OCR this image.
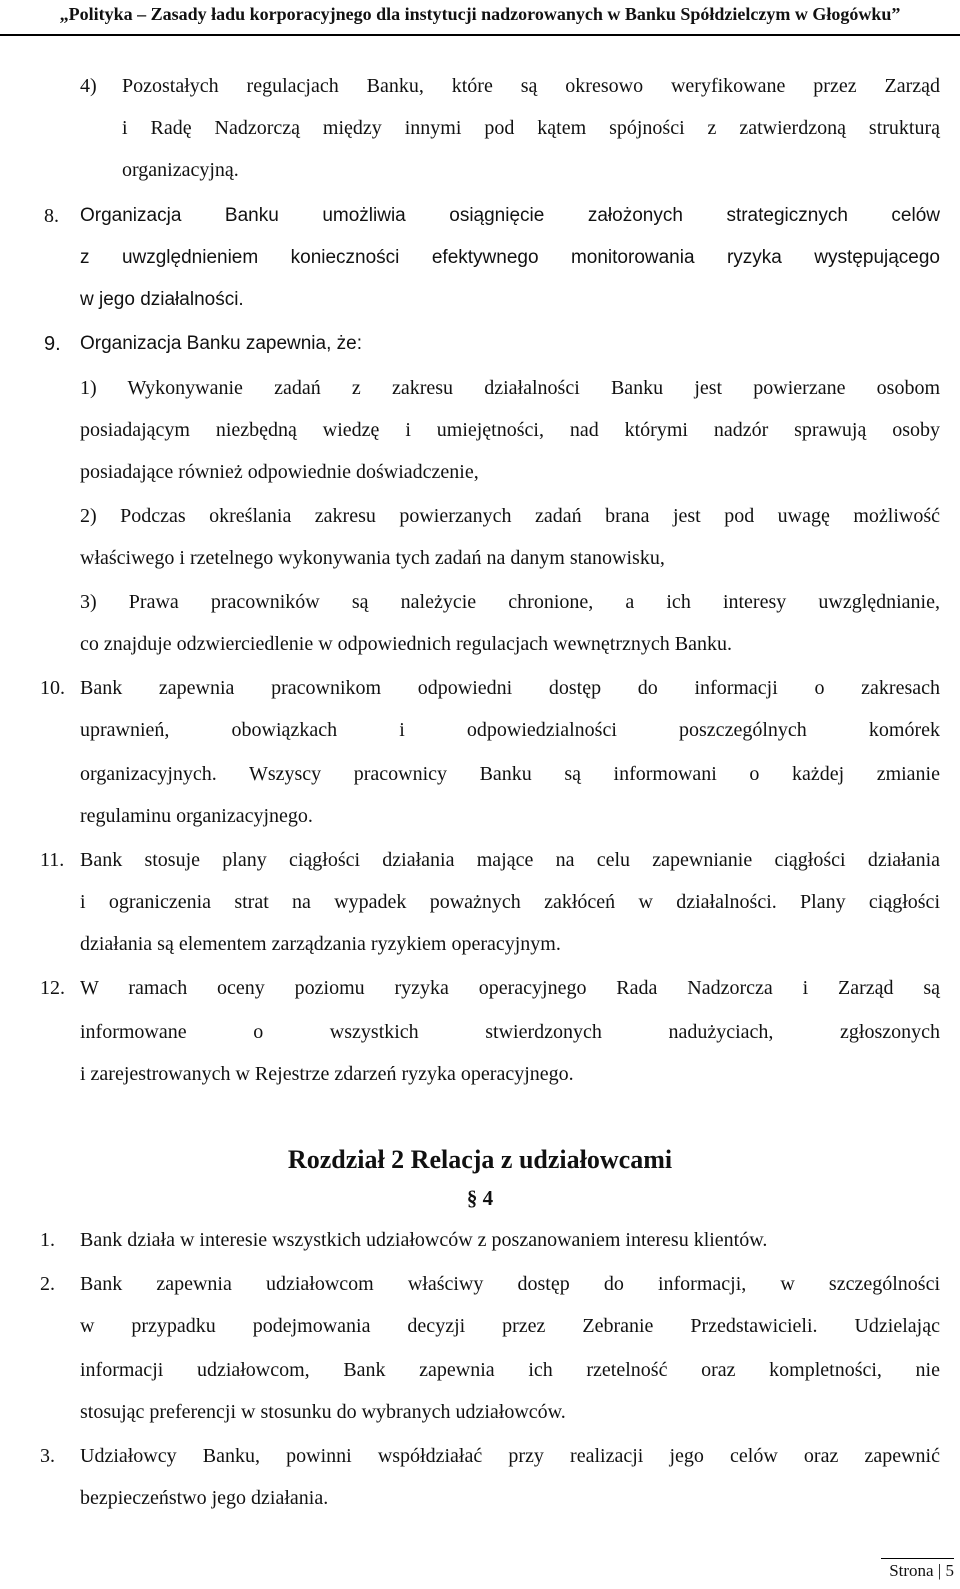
„Polityka – Zasady ładu korporacyjnego dla instytucji nadzorowanych w Banku Spółdzielczym w Głogówku”
4) Pozostałych regulacjach Banku, które są okresowo weryfikowane przez Zarząd
i Radę Nadzorczą między innymi pod kątem spójności z zatwierdzoną strukturą
organizacyjną.
8. Organizacja Banku umożliwia osiągnięcie założonych strategicznych celów
z uwzględnieniem konieczności efektywnego monitorowania ryzyka występującego
w jego działalności.
9. Organizacja Banku zapewnia, że:
1) Wykonywanie zadań z zakresu działalności Banku jest powierzane osobom
posiadającym niezbędną wiedzę i umiejętności, nad którymi nadzór sprawują osoby
posiadające również odpowiednie doświadczenie,
2) Podczas określania zakresu powierzanych zadań brana jest pod uwagę możliwość
właściwego i rzetelnego wykonywania tych zadań na danym stanowisku,
3) Prawa pracowników są należycie chronione, a ich interesy uwzględnianie,
co znajduje odzwierciedlenie w odpowiednich regulacjach wewnętrznych Banku.
10. Bank zapewnia pracownikom odpowiedni dostęp do informacji o zakresach
uprawnień, obowiązkach i odpowiedzialności poszczególnych komórek
organizacyjnych. Wszyscy pracownicy Banku są informowani o każdej zmianie
regulaminu organizacyjnego.
11. Bank stosuje plany ciągłości działania mające na celu zapewnianie ciągłości działania
i ograniczenia strat na wypadek poważnych zakłóceń w działalności. Plany ciągłości
działania są elementem zarządzania ryzykiem operacyjnym.
12. W ramach oceny poziomu ryzyka operacyjnego Rada Nadzorcza i Zarząd są
informowane o wszystkich stwierdzonych nadużyciach, zgłoszonych
i zarejestrowanych w Rejestrze zdarzeń ryzyka operacyjnego.
Rozdział 2 Relacja z udziałowcami
§ 4
1. Bank działa w interesie wszystkich udziałowców z poszanowaniem interesu klientów.
2. Bank zapewnia udziałowcom właściwy dostęp do informacji, w szczególności
w przypadku podejmowania decyzji przez Zebranie Przedstawicieli. Udzielając
informacji udziałowcom, Bank zapewnia ich rzetelność oraz kompletności, nie
stosując preferencji w stosunku do wybranych udziałowców.
3. Udziałowcy Banku, powinni współdziałać przy realizacji jego celów oraz zapewnić
bezpieczeństwo jego działania.
Strona | 5
